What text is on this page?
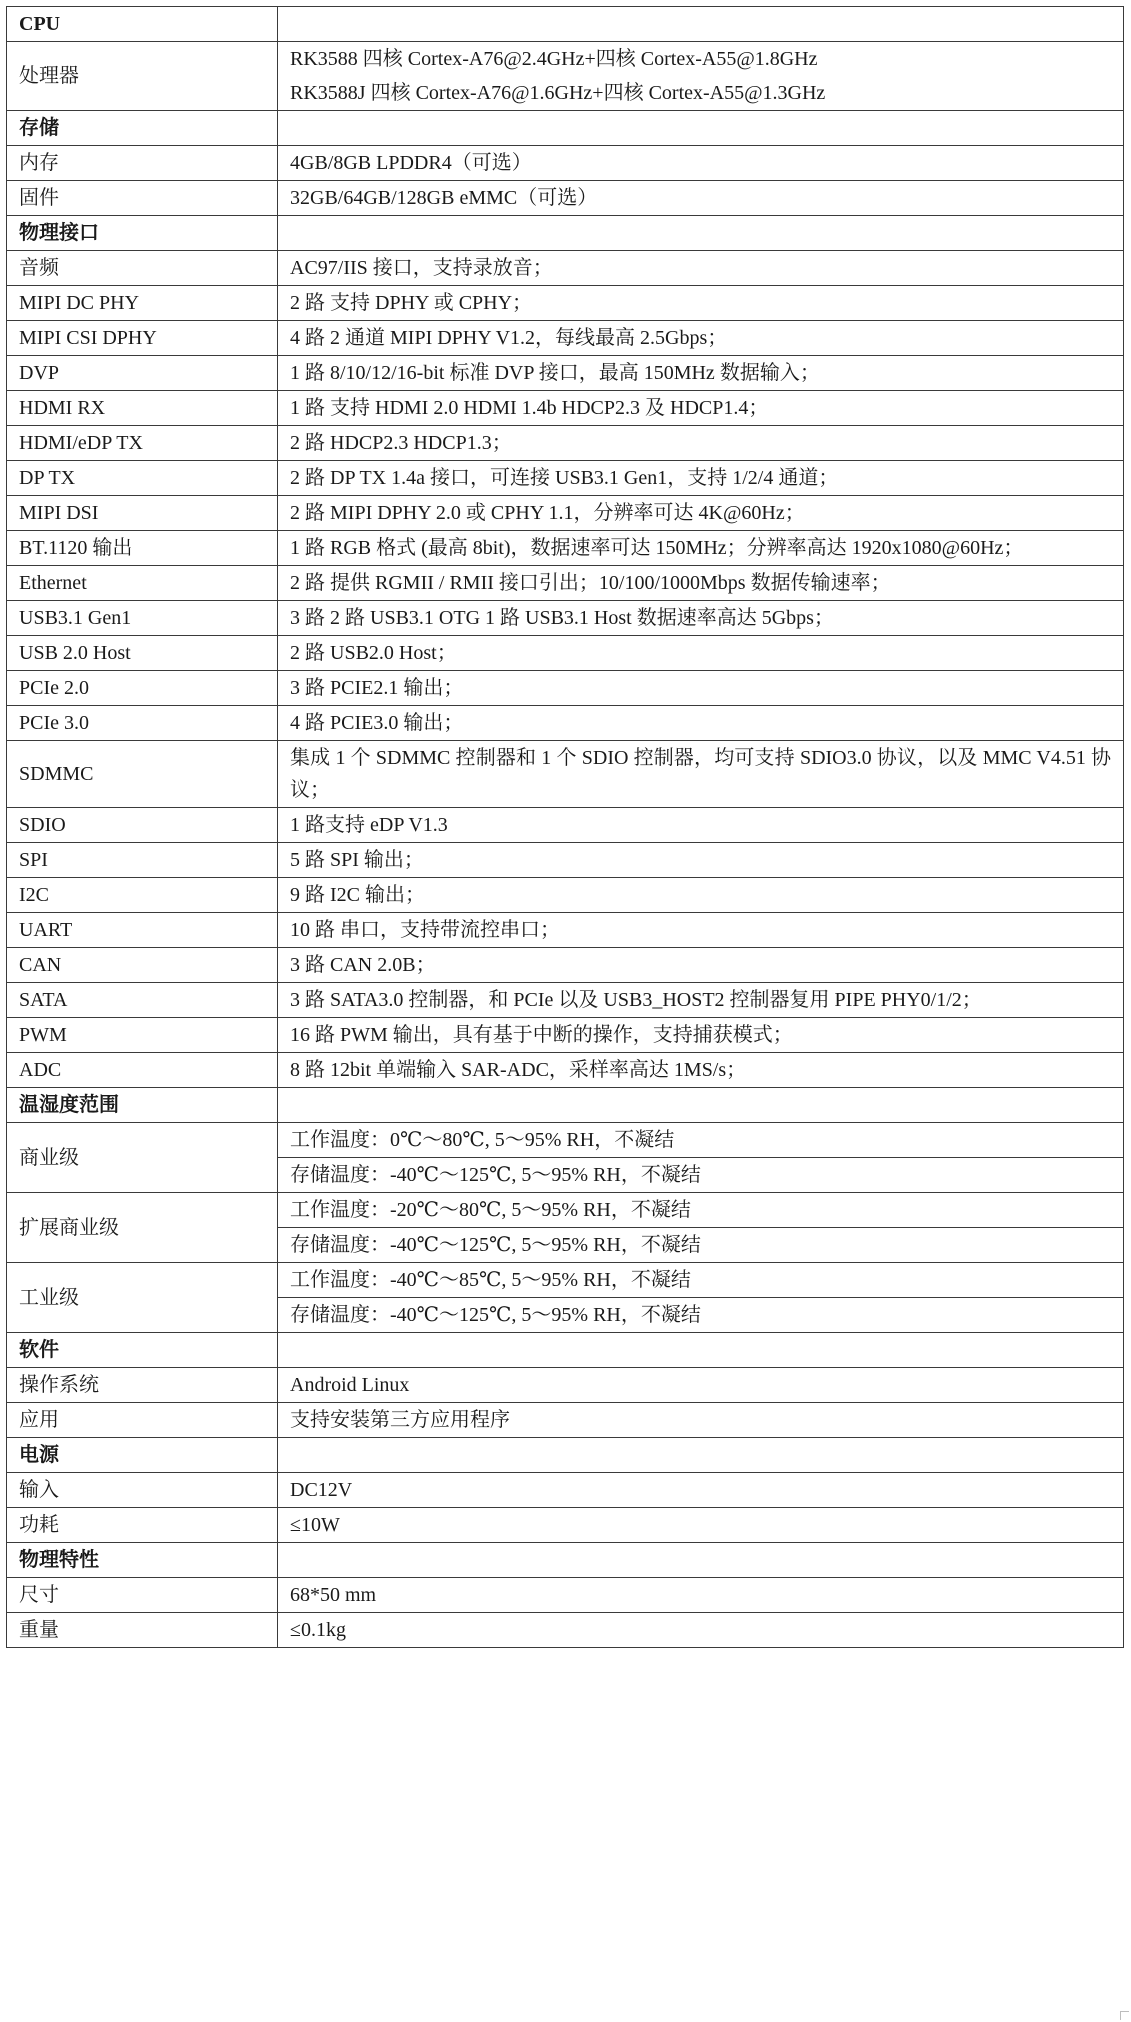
CPU	
处理器	RK3588 四核 Cortex-A76@2.4GHz+四核 Cortex-A55@1.8GHz
RK3588J 四核 Cortex-A76@1.6GHz+四核 Cortex-A55@1.3GHz

存储	
内存	4GB/8GB LPDDR4（可选）
固件	32GB/64GB/128GB eMMC（可选）
物理接口	
音频	AC97/IIS 接口，支持录放音；
MIPI DC PHY	2 路 支持 DPHY 或 CPHY；
MIPI CSI DPHY	4 路 2 通道 MIPI DPHY V1.2，每线最高 2.5Gbps；
DVP	1 路 8/10/12/16-bit 标准 DVP 接口，最高 150MHz 数据输入；
HDMI RX	1 路 支持 HDMI 2.0 HDMI 1.4b HDCP2.3 及 HDCP1.4；
HDMI/eDP TX	2 路 HDCP2.3 HDCP1.3；
DP TX	2 路 DP TX 1.4a 接口，可连接 USB3.1 Gen1，支持 1/2/4 通道；
MIPI DSI	2 路 MIPI DPHY 2.0 或 CPHY 1.1，分辨率可达 4K@60Hz；
BT.1120 输出	1 路 RGB 格式 (最高 8bit)，数据速率可达 150MHz；分辨率高达 1920x1080@60Hz；
Ethernet	2 路 提供 RGMII / RMII 接口引出；10/100/1000Mbps 数据传输速率；
USB3.1 Gen1	3 路 2 路 USB3.1 OTG 1 路 USB3.1 Host 数据速率高达 5Gbps；
USB 2.0 Host	2 路 USB2.0 Host；
PCIe 2.0	3 路 PCIE2.1 输出；
PCIe 3.0	4 路 PCIE3.0 输出；
SDMMC	集成 1 个 SDMMC 控制器和 1 个 SDIO 控制器，均可支持 SDIO3.0 协议，以及 MMC V4.51 协议；
SDIO	1 路支持 eDP V1.3
SPI	5 路 SPI 输出；
I2C	9 路 I2C 输出；
UART	10 路 串口，支持带流控串口；
CAN	3 路 CAN 2.0B；
SATA	3 路 SATA3.0 控制器，和 PCIe 以及 USB3_HOST2 控制器复用 PIPE PHY0/1/2；
PWM	16 路 PWM 输出，具有基于中断的操作，支持捕获模式；
ADC	8 路 12bit 单端输入 SAR-ADC，采样率高达 1MS/s；
温湿度范围	
商业级	工作温度：0℃～80℃, 5～95% RH，不凝结
	存储温度：-40℃～125℃, 5～95% RH，不凝结
扩展商业级	工作温度：-20℃～80℃, 5～95% RH，不凝结
	存储温度：-40℃～125℃, 5～95% RH，不凝结
工业级	工作温度：-40℃～85℃, 5～95% RH，不凝结
	存储温度：-40℃～125℃, 5～95% RH，不凝结
软件	
操作系统	Android Linux
应用	支持安装第三方应用程序
电源	
输入	DC12V
功耗	≤10W
物理特性	
尺寸	68*50 mm
重量	≤0.1kg
